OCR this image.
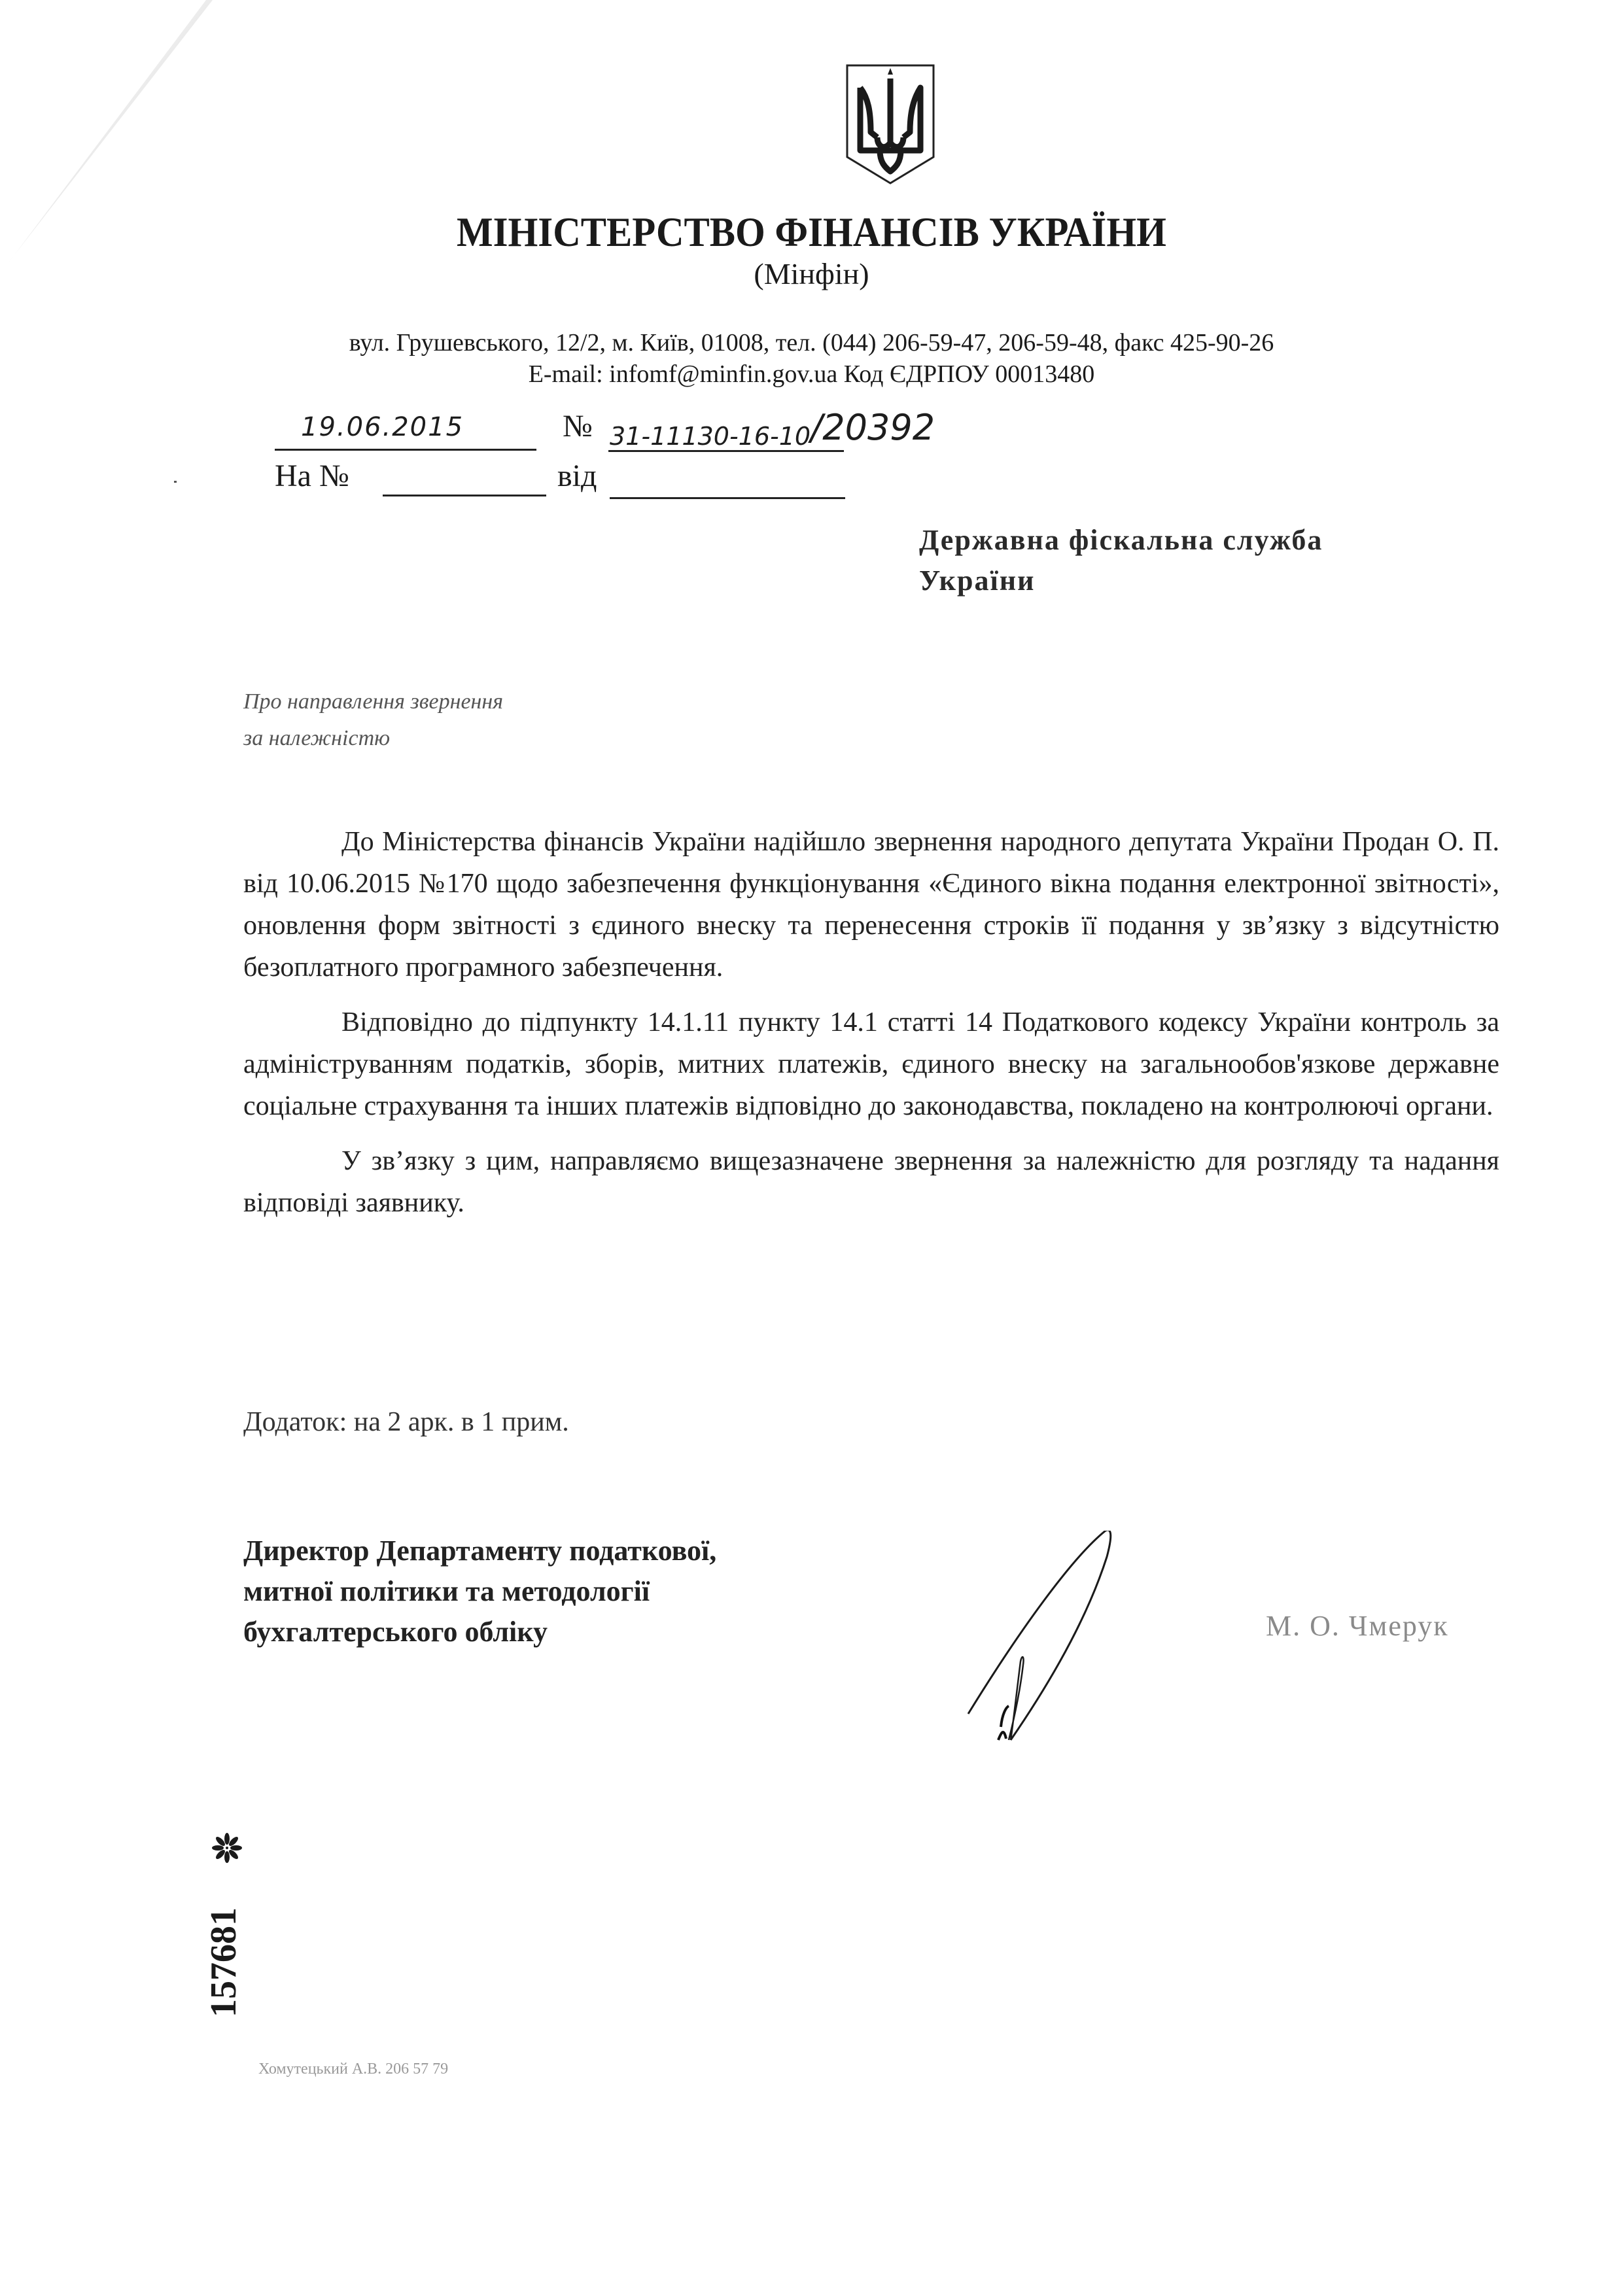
МІНІСТЕРСТВО ФІНАНСІВ УКРАЇНИ
(Мінфін)
вул. Грушевського, 12/2, м. Київ, 01008, тел. (044) 206-59-47, 206-59-48, факс 425-90-26
E-mail: infomf@minfin.gov.ua Код ЄДРПОУ 00013480
19.06.2015	№ 31-11130-16-10/20392
На №	від
Державна фіскальна служба
України
Про направлення звернення
за належністю

До Міністерства фінансів України надійшло звернення народного депутата України Продан О. П. від 10.06.2015 №170 щодо забезпечення функціонування «Єдиного вікна подання електронної звітності», оновлення форм звітності з єдиного внеску та перенесення строків її подання у зв’язку з відсутністю безоплатного програмного забезпечення.

Відповідно до підпункту 14.1.11 пункту 14.1 статті 14 Податкового кодексу України контроль за адмініструванням податків, зборів, митних платежів, єдиного внеску на загальнообов'язкове державне соціальне страхування та інших платежів відповідно до законодавства, покладено на контролюючі органи.

У зв’язку з цим, направляємо вищезазначене звернення за належністю для розгляду та надання відповіді заявнику.

Додаток: на 2 арк. в 1 прим.
Директор Департаменту податкової,
митної політики та методології
бухгалтерського обліку	М. О. Чмерук
157681
Хомутецький А.В. 206 57 79
